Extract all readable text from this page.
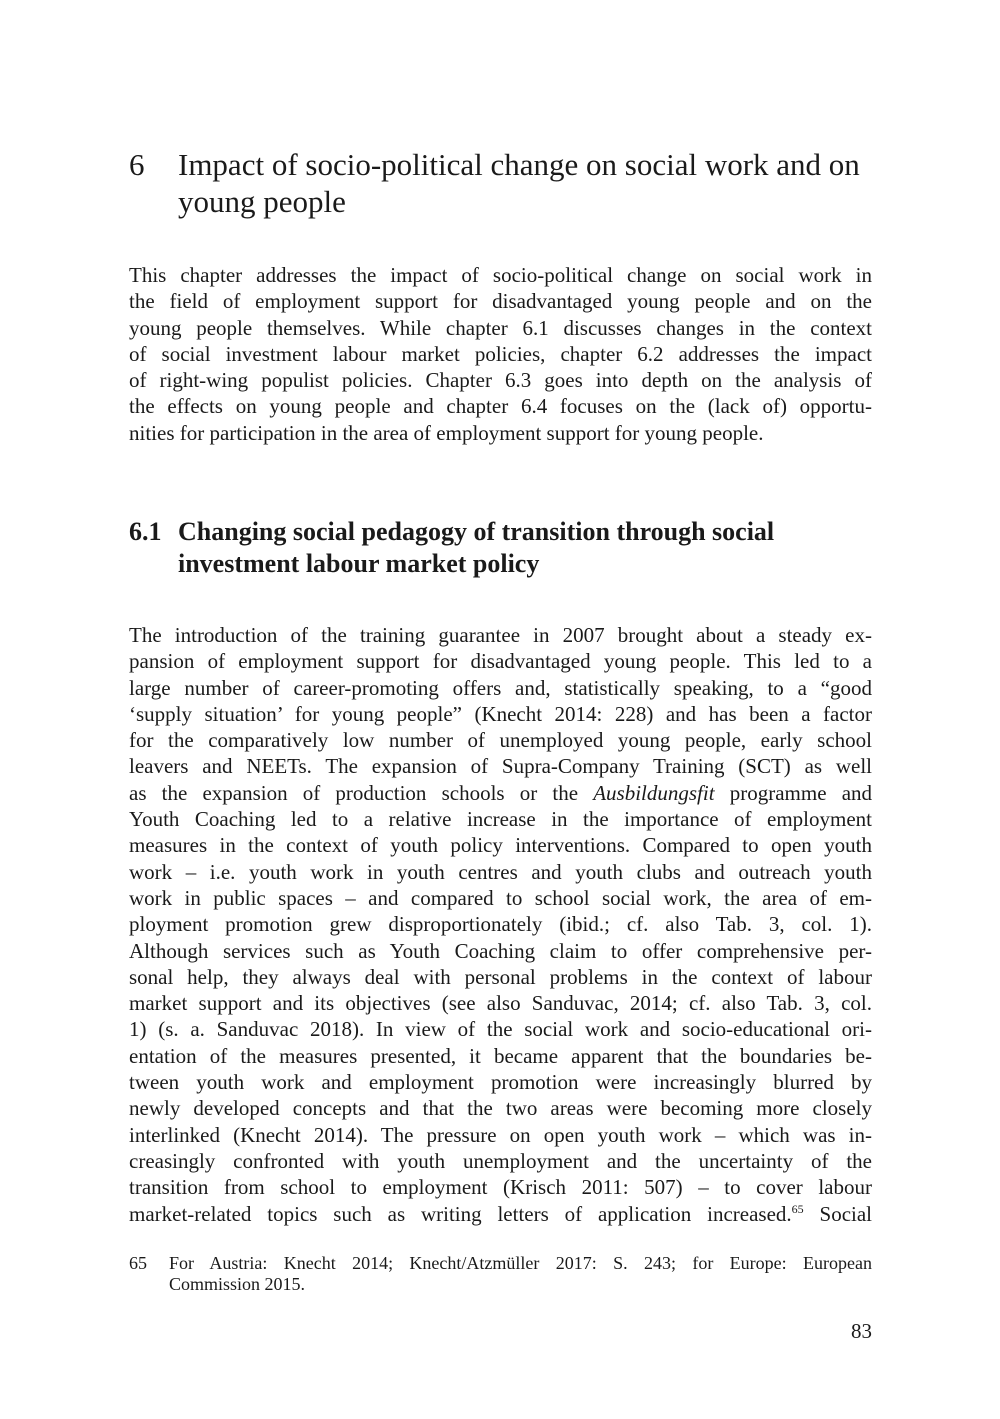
6 Impact of socio-political change on social work and on young people

This chapter addresses the impact of socio-political change on social work in
the field of employment support for disadvantaged young people and on the
young people themselves. While chapter 6.1 discusses changes in the context
of social investment labour market policies, chapter 6.2 addresses the impact
of right-wing populist policies. Chapter 6.3 goes into depth on the analysis of
the effects on young people and chapter 6.4 focuses on the (lack of) opportu-
nities for participation in the area of employment support for young people.

6.1 Changing social pedagogy of transition through social investment labour market policy

The introduction of the training guarantee in 2007 brought about a steady ex-
pansion of employment support for disadvantaged young people. This led to a
large number of career-promoting offers and, statistically speaking, to a “good
‘supply situation’ for young people” (Knecht 2014: 228) and has been a factor
for the comparatively low number of unemployed young people, early school
leavers and NEETs. The expansion of Supra-Company Training (SCT) as well
as the expansion of production schools or the Ausbildungsfit programme and
Youth Coaching led to a relative increase in the importance of employment
measures in the context of youth policy interventions. Compared to open youth
work – i.e. youth work in youth centres and youth clubs and outreach youth
work in public spaces – and compared to school social work, the area of em-
ployment promotion grew disproportionately (ibid.; cf. also Tab. 3, col. 1).
Although services such as Youth Coaching claim to offer comprehensive per-
sonal help, they always deal with personal problems in the context of labour
market support and its objectives (see also Sanduvac, 2014; cf. also Tab. 3, col.
1) (s. a. Sanduvac 2018). In view of the social work and socio-educational ori-
entation of the measures presented, it became apparent that the boundaries be-
tween youth work and employment promotion were increasingly blurred by
newly developed concepts and that the two areas were becoming more closely
interlinked (Knecht 2014). The pressure on open youth work – which was in-
creasingly confronted with youth unemployment and the uncertainty of the
transition from school to employment (Krisch 2011: 507) – to cover labour
market-related topics such as writing letters of application increased.$^{65}$ Social

65 For Austria: Knecht 2014; Knecht/Atzmüller 2017: S. 243; for Europe: European
Commission 2015.
83
